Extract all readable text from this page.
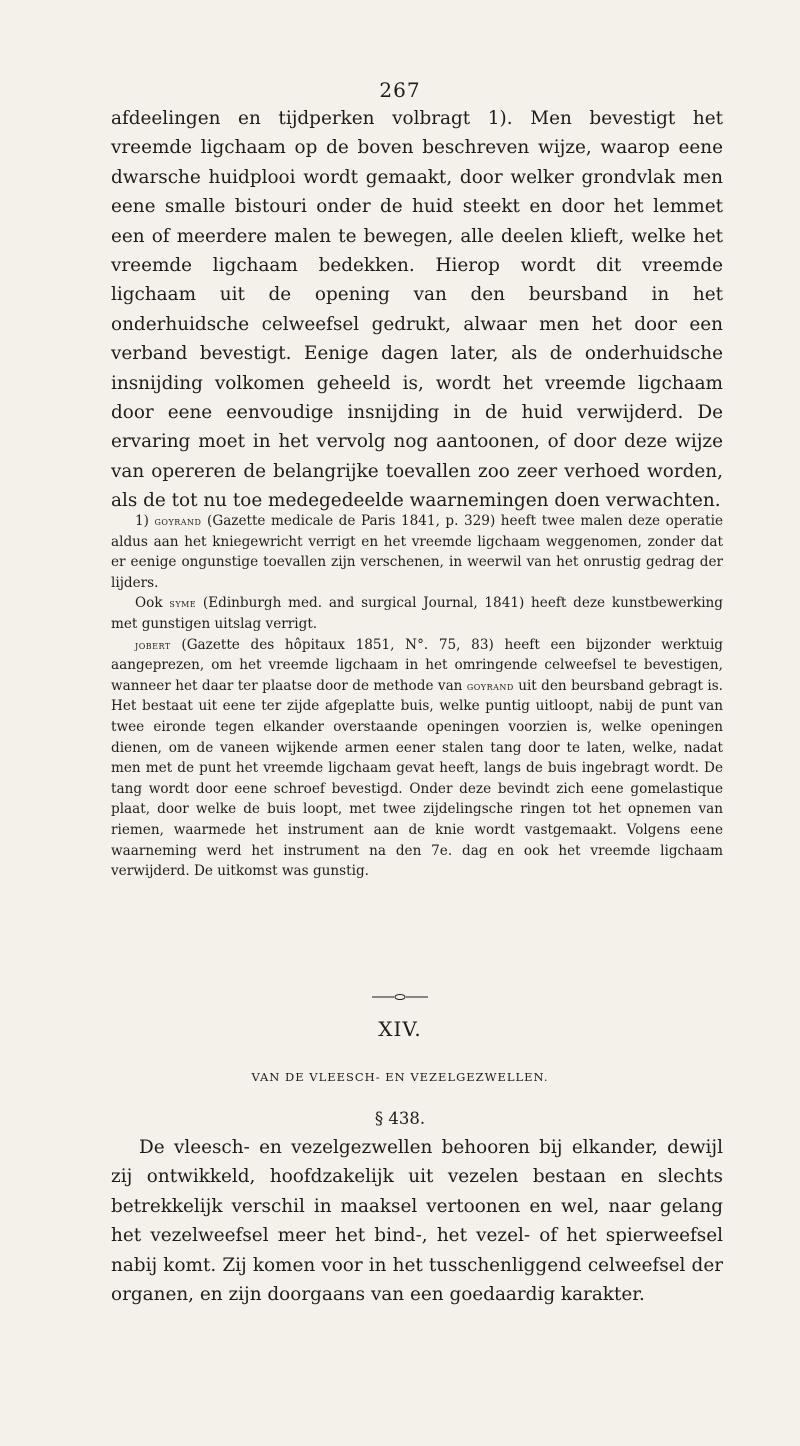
267

afdeelingen en tijdperken volbragt 1). Men bevestigt het vreemde ligchaam op de boven beschreven wijze, waarop eene dwarsche huidplooi wordt gemaakt, door welker grondvlak men eene smalle bistouri onder de huid steekt en door het lemmet een of meerdere malen te bewegen, alle deelen klieft, welke het vreemde ligchaam bedekken. Hierop wordt dit vreemde ligchaam uit de opening van den beursband in het onderhuidsche celweefsel gedrukt, alwaar men het door een verband bevestigt. Eenige dagen later, als de onderhuidsche insnijding volkomen geheeld is, wordt het vreemde ligchaam door eene eenvoudige insnijding in de huid verwijderd. De ervaring moet in het vervolg nog aantoonen, of door deze wijze van opereren de belangrijke toevallen zoo zeer verhoed worden, als de tot nu toe medegedeelde waarnemingen doen verwachten.

1) goyrand (Gazette medicale de Paris 1841, p. 329) heeft twee malen deze operatie aldus aan het kniegewricht verrigt en het vreemde ligchaam weggenomen, zonder dat er eenige ongunstige toevallen zijn verschenen, in weerwil van het onrustig gedrag der lijders.

Ook syme (Edinburgh med. and surgical Journal, 1841) heeft deze kunstbewerking met gunstigen uitslag verrigt.

jobert (Gazette des hôpitaux 1851, N°. 75, 83) heeft een bijzonder werktuig aangeprezen, om het vreemde ligchaam in het omringende celweefsel te bevestigen, wanneer het daar ter plaatse door de methode van goyrand uit den beursband gebragt is. Het bestaat uit eene ter zijde afgeplatte buis, welke puntig uitloopt, nabij de punt van twee eironde tegen elkander overstaande openingen voorzien is, welke openingen dienen, om de vaneen wijkende armen eener stalen tang door te laten, welke, nadat men met de punt het vreemde ligchaam gevat heeft, langs de buis ingebragt wordt. De tang wordt door eene schroef bevestigd. Onder deze bevindt zich eene gomelastique plaat, door welke de buis loopt, met twee zijdelingsche ringen tot het opnemen van riemen, waarmede het instrument aan de knie wordt vastgemaakt. Volgens eene waarneming werd het instrument na den 7e. dag en ook het vreemde ligchaam verwijderd. De uitkomst was gunstig.

XIV.
VAN DE VLEESCH- EN VEZELGEZWELLEN.
§ 438.

De vleesch- en vezelgezwellen behooren bij elkander, dewijl zij ontwikkeld, hoofdzakelijk uit vezelen bestaan en slechts betrekkelijk verschil in maaksel vertoonen en wel, naar gelang het vezelweefsel meer het bind-, het vezel- of het spierweefsel nabij komt. Zij komen voor in het tusschenliggend celweefsel der organen, en zijn doorgaans van een goedaardig karakter.
